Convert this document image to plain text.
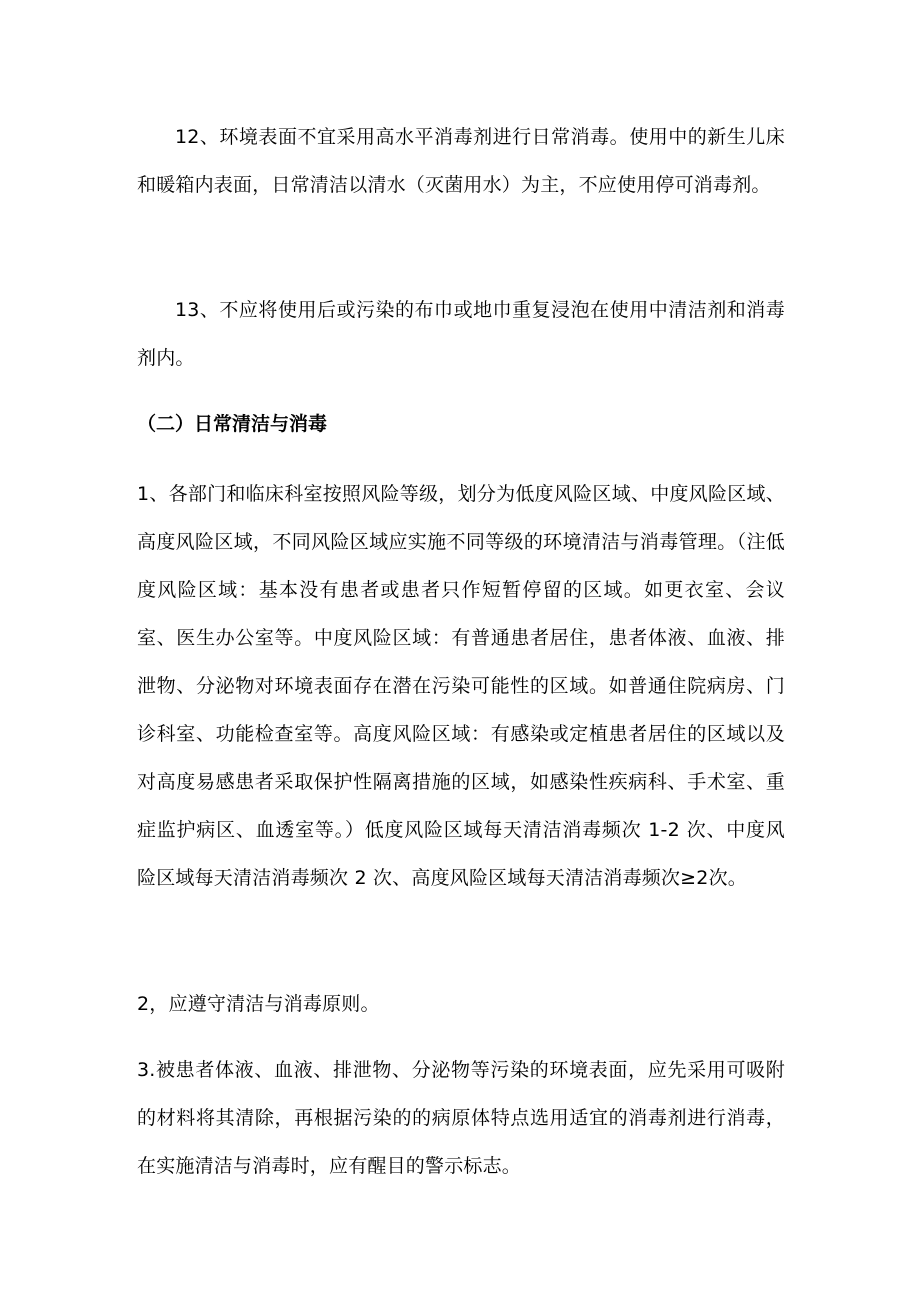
12、环境表面不宜采用高水平消毒剂进行日常消毒。使用中的新生儿床和暖箱内表面，日常清洁以清水（灭菌用水）为主，不应使用停可消毒剂。

13、不应将使用后或污染的布巾或地巾重复浸泡在使用中清洁剂和消毒剂内。

（二）日常清洁与消毒

1、各部门和临床科室按照风险等级，划分为低度风险区域、中度风险区域、高度风险区域，不同风险区域应实施不同等级的环境清洁与消毒管理。（注低度风险区域：基本没有患者或患者只作短暂停留的区域。如更衣室、会议室、医生办公室等。中度风险区域：有普通患者居住，患者体液、血液、排泄物、分泌物对环境表面存在潜在污染可能性的区域。如普通住院病房、门诊科室、功能检查室等。高度风险区域：有感染或定植患者居住的区域以及对高度易感患者采取保护性隔离措施的区域，如感染性疾病科、手术室、重症监护病区、血透室等。）低度风险区域每天清洁消毒频次 1-2 次、中度风险区域每天清洁消毒频次 2 次、高度风险区域每天清洁消毒频次≥2次。

2，应遵守清洁与消毒原则。

3.被患者体液、血液、排泄物、分泌物等污染的环境表面，应先采用可吸附的材料将其清除，再根据污染的的病原体特点选用适宜的消毒剂进行消毒，在实施清洁与消毒时，应有醒目的警示标志。
